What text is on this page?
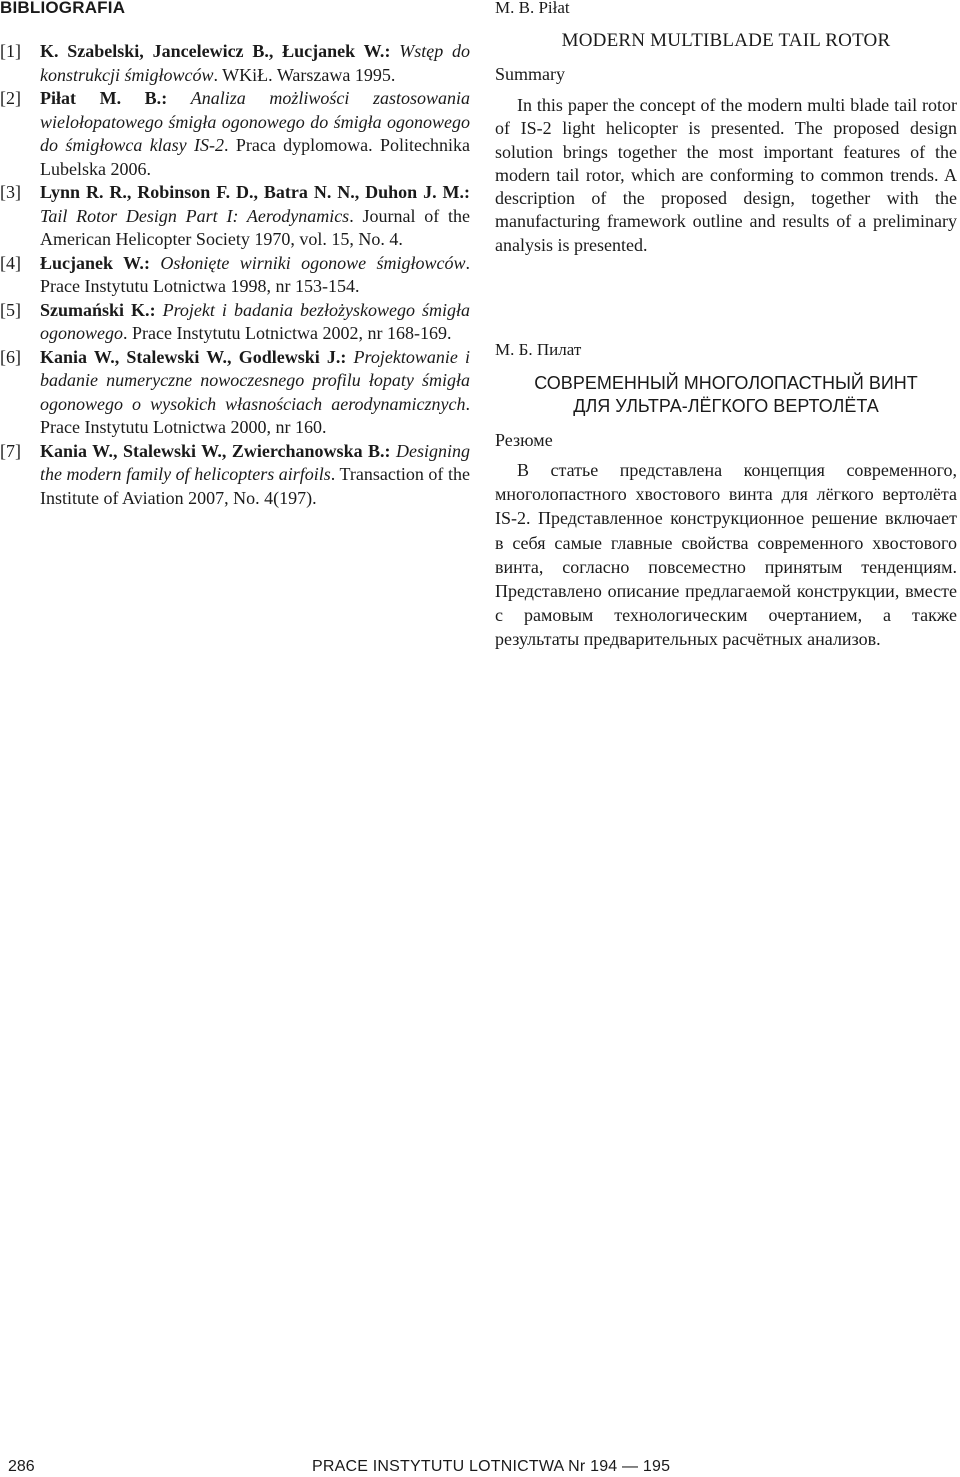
BIBLIOGRAFIA
[1] K. Szabelski, Jancelewicz B., Łucjanek W.: Wstęp do konstrukcji śmigłowców. WKiŁ. Warszawa 1995.
[2] Piłat M. B.: Analiza możliwości zastosowania wielołopatowego śmigła ogonowego do śmigła ogonowego do śmigłowca klasy IS-2. Praca dyplomowa. Politechnika Lubelska 2006.
[3] Lynn R. R., Robinson F. D., Batra N. N., Duhon J. M.: Tail Rotor Design Part I: Aerodynamics. Journal of the American Helicopter Society 1970, vol. 15, No. 4.
[4] Łucjanek W.: Osłonięte wirniki ogonowe śmigłowców. Prace Instytutu Lotnictwa 1998, nr 153-154.
[5] Szumański K.: Projekt i badania bezłożyskowego śmigła ogonowego. Prace Instytutu Lotnictwa 2002, nr 168-169.
[6] Kania W., Stalewski W., Godlewski J.: Projektowanie i badanie numeryczne nowoczesnego profilu łopaty śmigła ogonowego o wysokich własnościach aerodynamicznych. Prace Instytutu Lotnictwa 2000, nr 160.
[7] Kania W., Stalewski W., Zwierchanowska B.: Designing the modern family of helicopters airfoils. Transaction of the Institute of Aviation 2007, No. 4(197).
M. B. Piłat
MODERN MULTIBLADE TAIL ROTOR
Summary

In this paper the concept of the modern multi blade tail rotor of IS-2 light helicopter is presented. The proposed design solution brings together the most important features of the modern tail rotor, which are conforming to common trends. A description of the proposed design, together with the manufacturing framework outline and results of a preliminary analysis is presented.

М. Б. Пилат
СОВРЕМЕННЫЙ МНОГОЛОПАСТНЫЙ ВИНТ
ДЛЯ УЛЬТРА-ЛЁГКОГО ВЕРТОЛЁТА
Резюме

В статье представлена концепция современного, многолопастного хвостового винта для лёгкого вертолёта IS-2. Представленное конструкционное решение включает в себя самые главные свойства современного хвостового винта, согласно повсеместно принятым тенденциям. Представлено описание предлагаемой конструкции, вместе с рамовым технологическим очертанием, а также результаты предварительных расчётных анализов.

286	PRACE INSTYTUTU LOTNICTWA Nr 194 — 195
